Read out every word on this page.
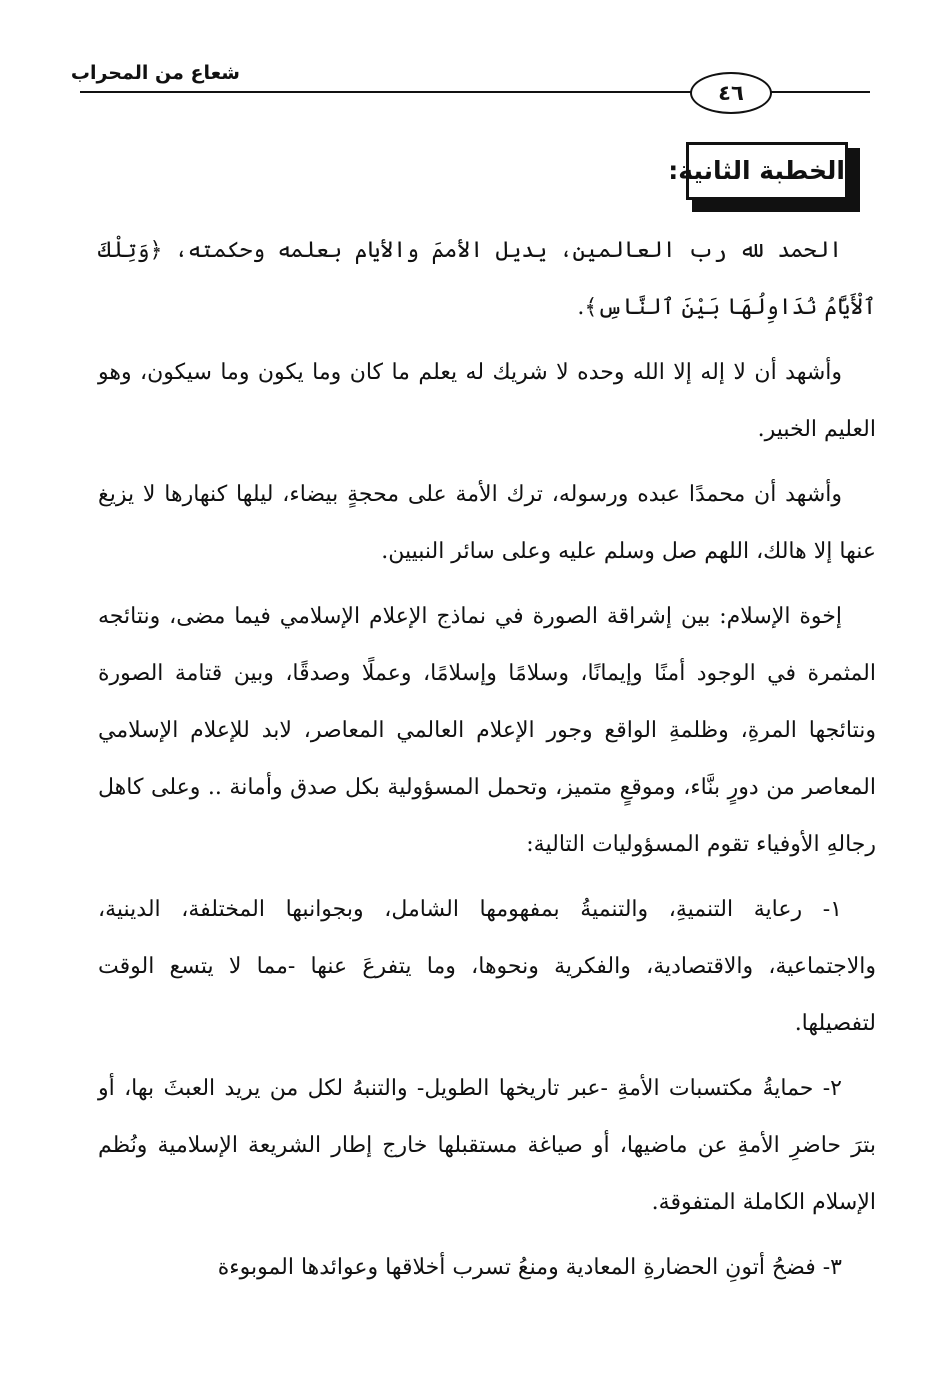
شعاع من المحراب
٤٦
الخطبة الثانية:

الحمد لله رب العالمين، يديل الأممَ والأيام بعلمه وحكمته، ﴿وَتِلْكَ ٱلْأَيَّامُ نُدَاوِلُهَا بَيْنَ ٱلنَّاسِ﴾.

وأشهد أن لا إله إلا الله وحده لا شريك له يعلم ما كان وما يكون وما سيكون، وهو العليم الخبير.

وأشهد أن محمدًا عبده ورسوله، ترك الأمة على محجةٍ بيضاء، ليلها كنهارها لا يزيغ عنها إلا هالك، اللهم صل وسلم عليه وعلى سائر النبيين.

إخوة الإسلام: بين إشراقة الصورة في نماذج الإعلام الإسلامي فيما مضى، ونتائجه المثمرة في الوجود أمنًا وإيمانًا، وسلامًا وإسلامًا، وعملًا وصدقًا، وبين قتامة الصورة ونتائجها المرةِ، وظلمةِ الواقع وجور الإعلام العالمي المعاصر، لابد للإعلام الإسلامي المعاصر من دورٍ بنَّاء، وموقعٍ متميز، وتحمل المسؤولية بكل صدق وأمانة .. وعلى كاهل رجالهِ الأوفياء تقوم المسؤوليات التالية:

١- رعاية التنميةِ، والتنميةُ بمفهومها الشامل، وبجوانبها المختلفة، الدينية، والاجتماعية، والاقتصادية، والفكرية ونحوها، وما يتفرعَ عنها -مما لا يتسع الوقت لتفصيلها.

٢- حمايةُ مكتسبات الأمةِ -عبر تاريخها الطويل- والتنبهُ لكل من يريد العبثَ بها، أو بترَ حاضرِ الأمةِ عن ماضيها، أو صياغة مستقبلها خارج إطار الشريعة الإسلامية ونُظم الإسلام الكاملة المتفوقة.

٣- فضحُ أتونِ الحضارةِ المعادية ومنعُ تسرب أخلاقها وعوائدها الموبوءة
